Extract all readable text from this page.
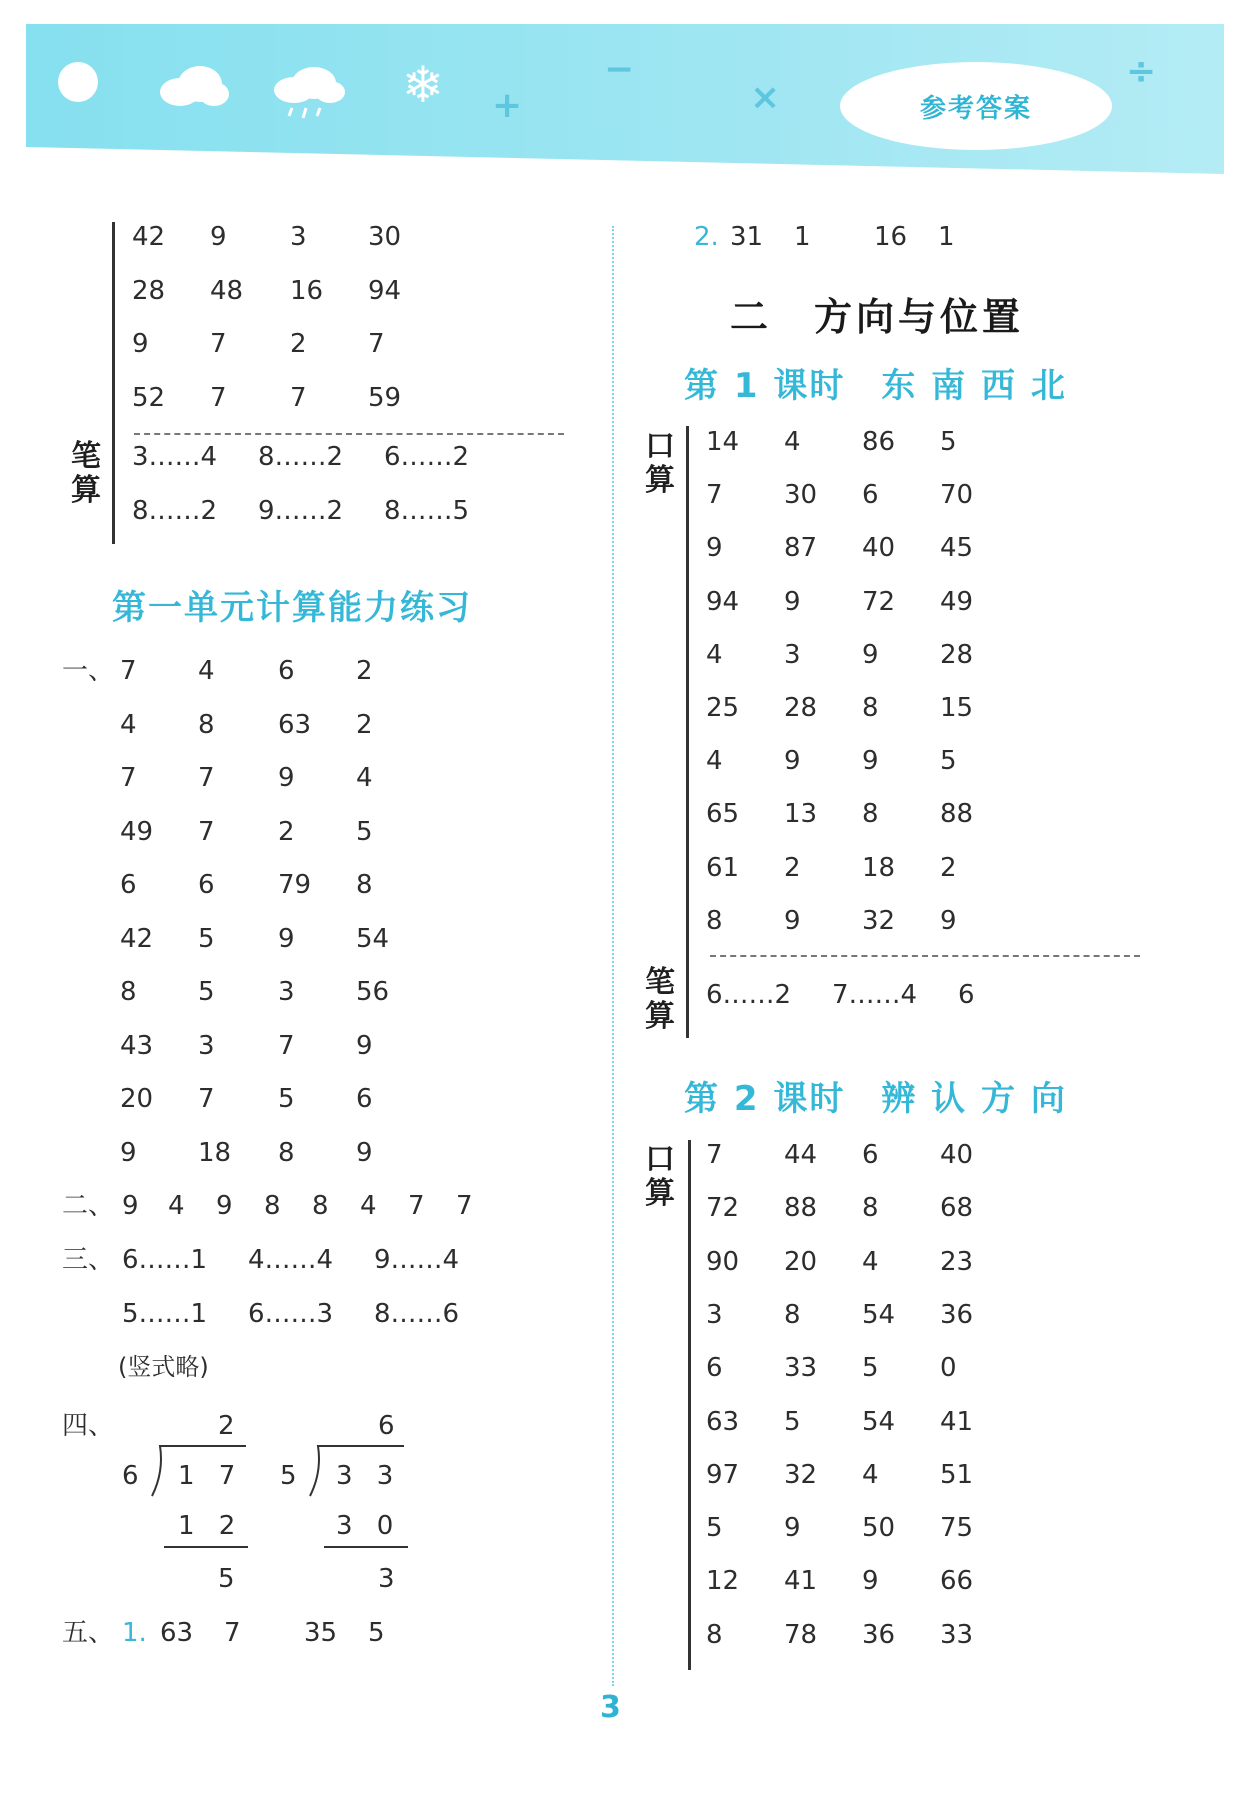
❄ +
−
×
÷
参考答案
42 9 3 30
28 48 16 94
9 7 2 7
52 7 7 59
笔
算
3……4 8……2 6……2
8……2 9……2 8……5
第一单元计算能力练习
一、 7 4 6 2
4 8 63 2
7 7 9 4
49 7 2 5
6 6 79 8
42 5 9 54
8 5 3 56
43 3 7 9
20 7 5 6
9 18 8 9
二、 9 4 9 8 8 4 7 7
三、 6……1 4……4 9……4
5……1 6……3 8……6
(竖式略)
四、	2
6 1 7
1 2
5
6
5 3 3
3 0
3
五、 1. 63 7 35 5
2. 31 1 16 1
二　方向与位置
第 1 课时　东 南 西 北
口
算
14 4 86 5
7 30 6 70
9 87 40 45
94 9 72 49
4 3 9 28
25 28 8 15
4 9 9 5
65 13 8 88
61 2 18 2
8 9 32 9
笔
算
6……2 7……4 6
第 2 课时　辨 认 方 向
口
算
7 44 6 40
72 88 8 68
90 20 4 23
3 8 54 36
6 33 5 0
63 5 54 41
97 32 4 51
5 9 50 75
12 41 9 66
8 78 36 33
3
